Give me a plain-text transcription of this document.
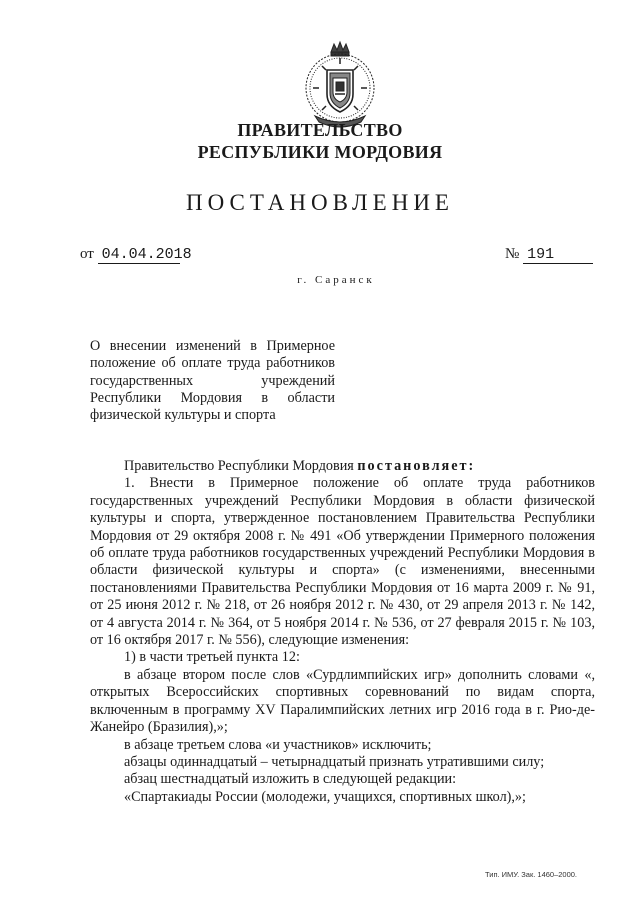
ПРАВИТЕЛЬСТВО
РЕСПУБЛИКИ МОРДОВИЯ
ПОСТАНОВЛЕНИЕ
от 04.04.2018	№ 191
г. Саранск
О внесении изменений в Примерное положение об оплате труда работников государственных учреждений Республики Мордовия в области физической культуры и спорта

Правительство Республики Мордовия постановляет:

1. Внести в Примерное положение об оплате труда работников государственных учреждений Республики Мордовия в области физической культуры и спорта, утвержденное постановлением Правительства Республики Мордовия от 29 октября 2008 г. № 491 «Об утверждении Примерного положения об оплате труда работников государственных учреждений Республики Мордовия в области физической культуры и спорта» (с изменениями, внесенными постановлениями Правительства Республики Мордовия от 16 марта 2009 г. № 91, от 25 июня 2012 г. № 218, от 26 ноября 2012 г. № 430, от 29 апреля 2013 г. № 142, от 4 августа 2014 г. № 364, от 5 ноября 2014 г. № 536, от 27 февраля 2015 г. № 103, от 16 октября 2017 г. № 556), следующие изменения:

1) в части третьей пункта 12:

в абзаце втором после слов «Сурдлимпийских игр» дополнить словами «, открытых Всероссийских спортивных соревнований по видам спорта, включенным в программу XV Паралимпийских летних игр 2016 года в г. Рио-де-Жанейро (Бразилия),»;

в абзаце третьем слова «и участников» исключить;

абзацы одиннадцатый – четырнадцатый признать утратившими силу;

абзац шестнадцатый изложить в следующей редакции:

«Спартакиады России (молодежи, учащихся, спортивных школ),»;

Тип. ИМУ. Зак. 1460–2000.
